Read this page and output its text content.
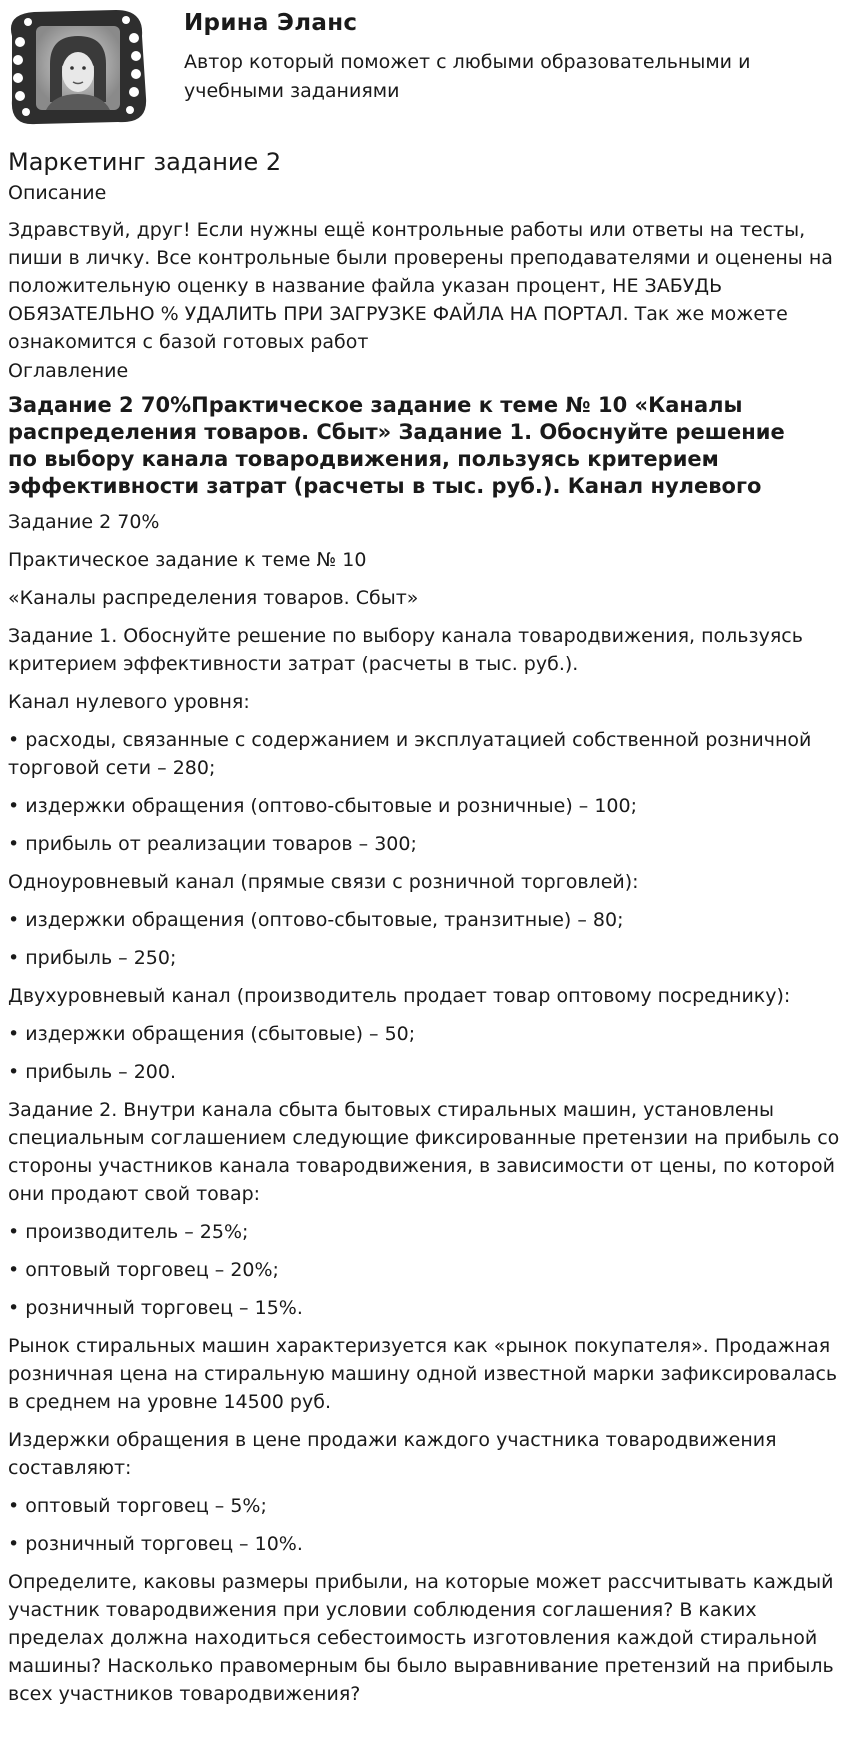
Ирина Эланс
Автор который поможет с любыми образовательными и учебными заданиями
Маркетинг задание 2
Описание
Здравствуй, друг! Если нужны ещё контрольные работы или ответы на тесты, пиши в личку. Все контрольные были проверены преподавателями и оценены на положительную оценку в название файла указан процент, НЕ ЗАБУДЬ ОБЯЗАТЕЛЬНО % УДАЛИТЬ ПРИ ЗАГРУЗКЕ ФАЙЛА НА ПОРТАЛ. Так же можете ознакомится с базой готовых работ
Оглавление
Задание 2 70%Практическое задание к теме № 10 «Каналы распределения товаров. Сбыт» Задание 1. Обоснуйте решение по выбору канала товародвижения, пользуясь критерием эффективности затрат (расчеты в тыс. руб.). Канал нулевого

Задание 2 70%

Практическое задание к теме № 10

«Каналы распределения товаров. Сбыт»

Задание 1. Обоснуйте решение по выбору канала товародвижения, пользуясь критерием эффективности затрат (расчеты в тыс. руб.).

Канал нулевого уровня:

• расходы, связанные с содержанием и эксплуатацией собственной розничной торговой сети – 280;

• издержки обращения (оптово-сбытовые и розничные) – 100;

• прибыль от реализации товаров – 300;

Одноуровневый канал (прямые связи с розничной торговлей):

• издержки обращения (оптово-сбытовые, транзитные) – 80;

• прибыль – 250;

Двухуровневый канал (производитель продает товар оптовому посреднику):

• издержки обращения (сбытовые) – 50;

• прибыль – 200.

Задание 2. Внутри канала сбыта бытовых стиральных машин, установлены специальным соглашением следующие фиксированные претензии на прибыль со стороны участников канала товародвижения, в зависимости от цены, по которой они продают свой товар:

• производитель – 25%;

• оптовый торговец – 20%;

• розничный торговец – 15%.

Рынок стиральных машин характеризуется как «рынок покупателя». Продажная розничная цена на стиральную машину одной известной марки зафиксировалась в среднем на уровне 14500 руб.

Издержки обращения в цене продажи каждого участника товародвижения составляют:

• оптовый торговец – 5%;

• розничный торговец – 10%.

Определите, каковы размеры прибыли, на которые может рассчитывать каждый участник товародвижения при условии соблюдения соглашения? В каких пределах должна находиться себестоимость изготовления каждой стиральной машины? Насколько правомерным бы было выравнивание претензий на прибыль всех участников товародвижения?
